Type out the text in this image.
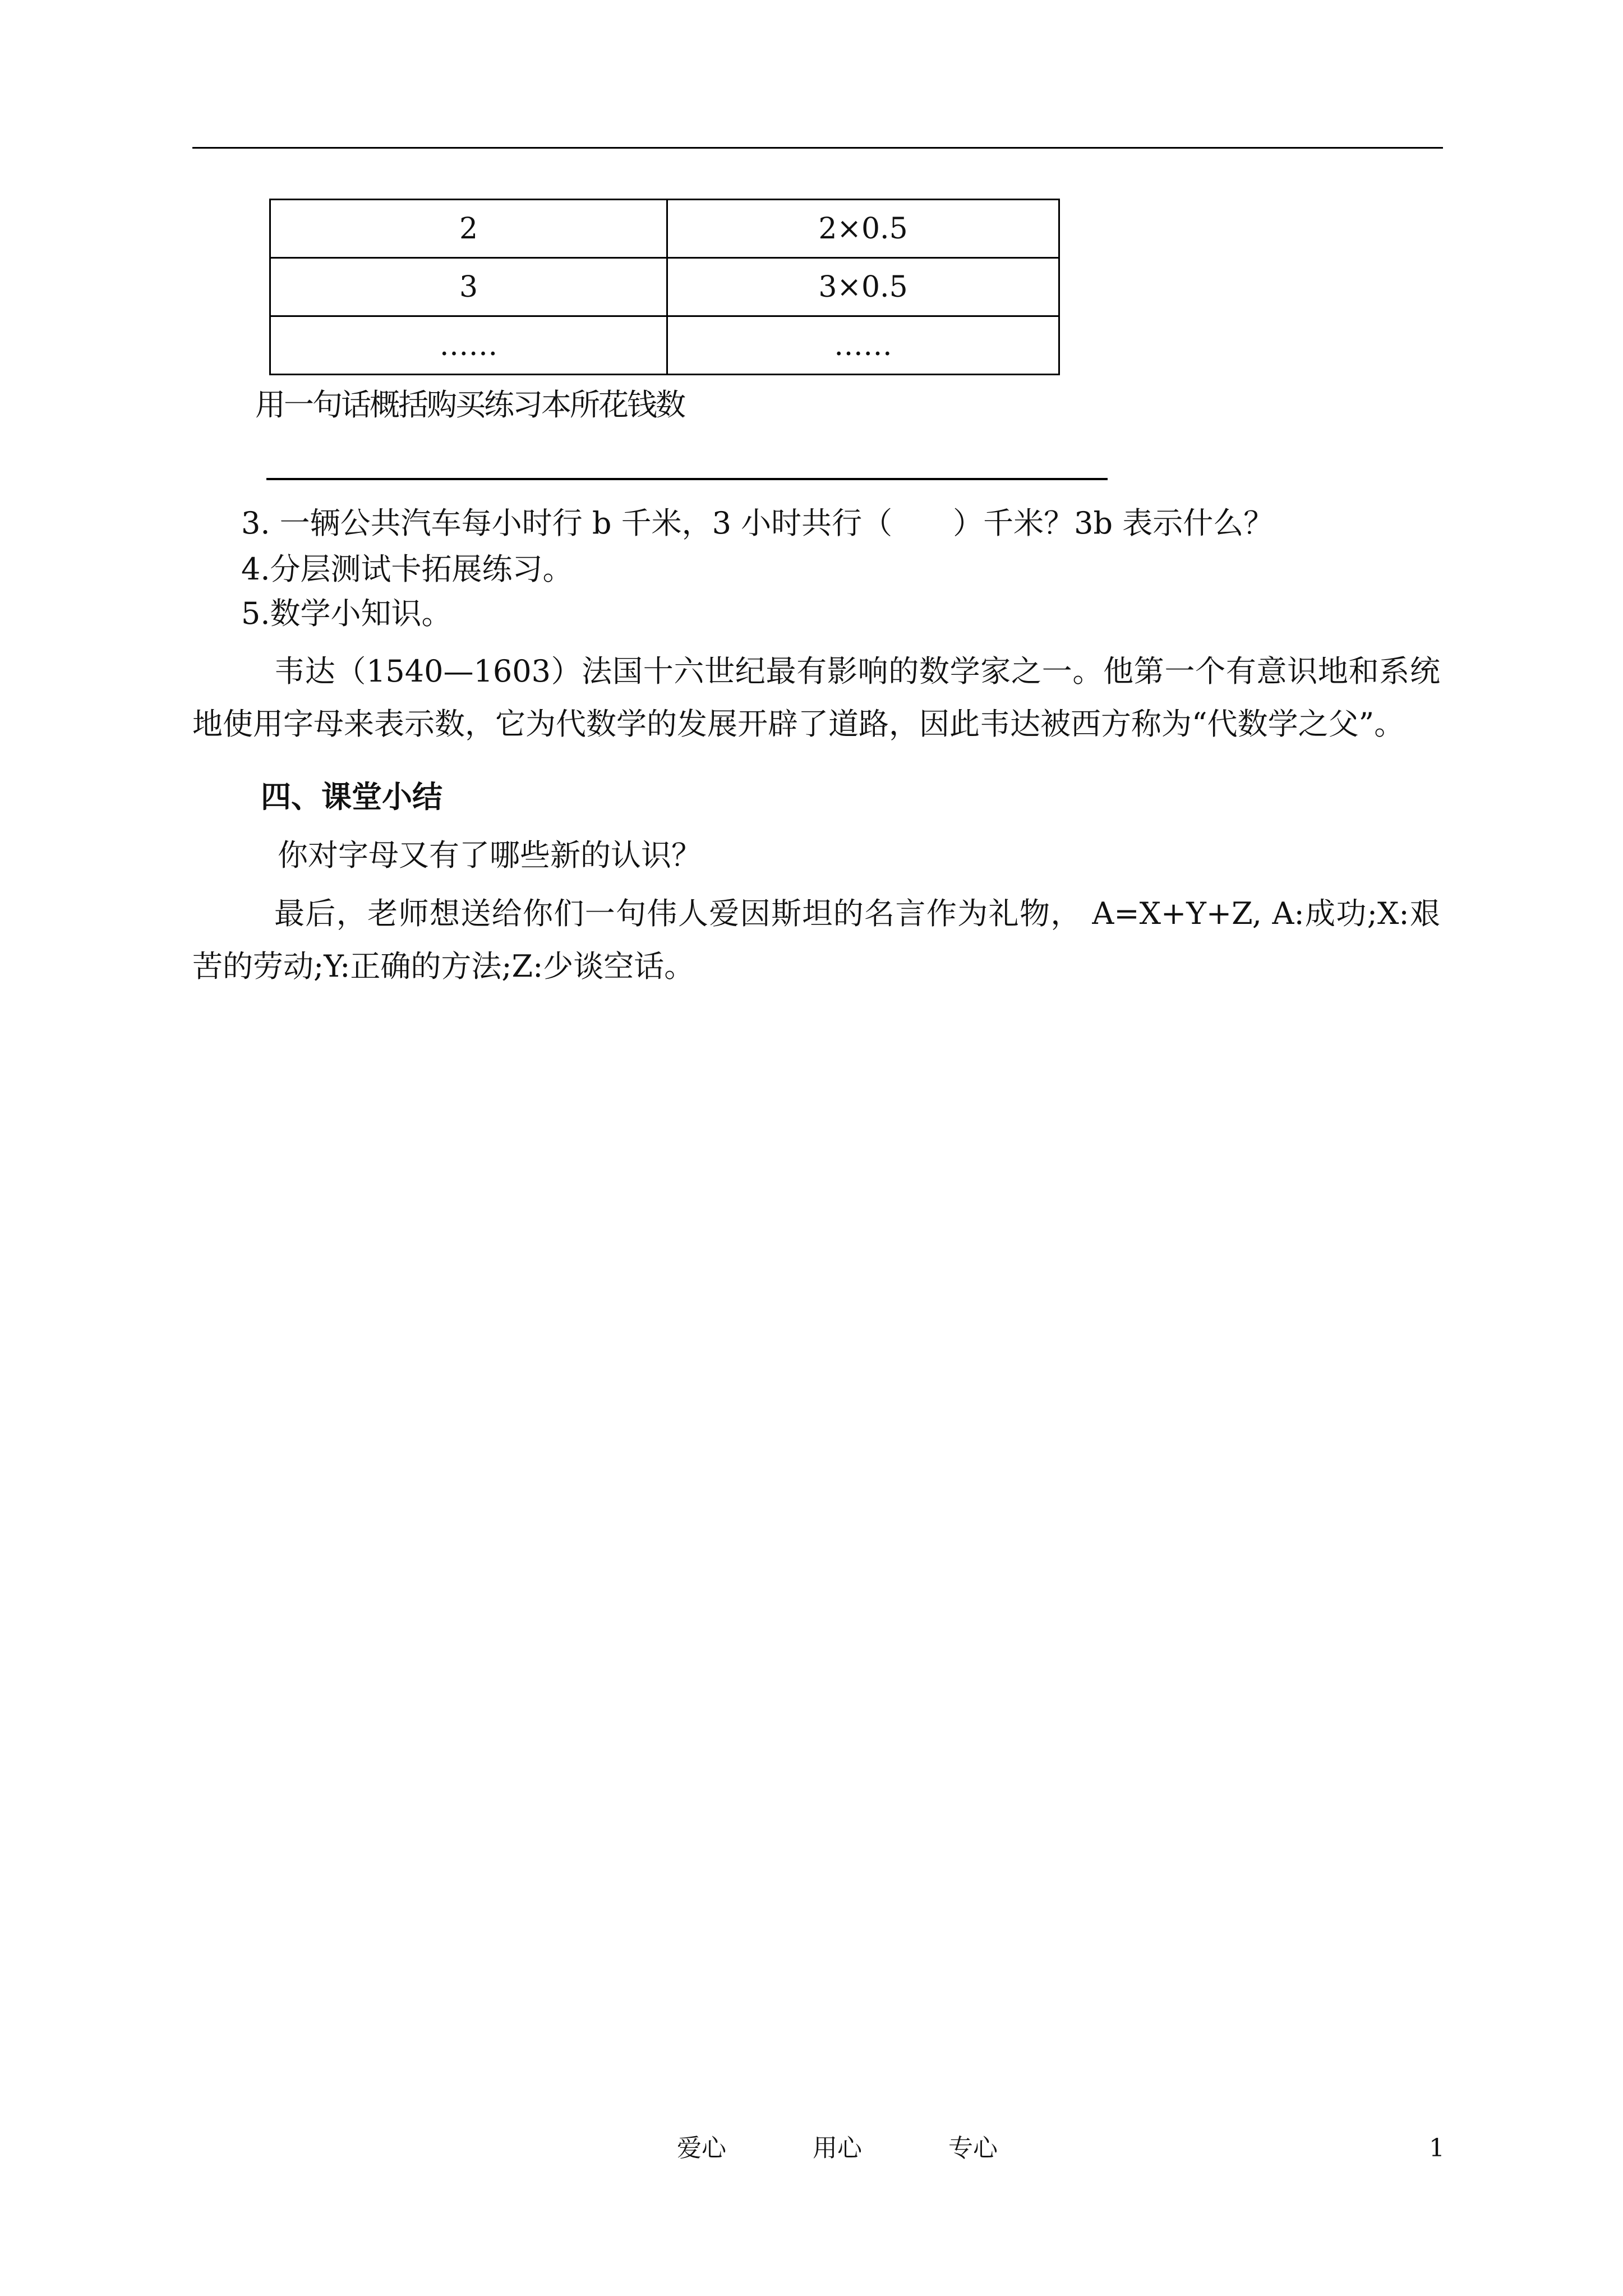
2	2×0.5
3	3×0.5
……	……
用一句话概括购买练习本所花钱数
3. 一辆公共汽车每小时行 b 千米，3 小时共行（　　）千米？3b 表示什么？
4.分层测试卡拓展练习。
5.数学小知识。
韦达（1540—1603）法国十六世纪最有影响的数学家之一。他第一个有意识地和系统地使用字母来表示数，它为代数学的发展开辟了道路，因此韦达被西方称为“代数学之父”。
四、课堂小结
你对字母又有了哪些新的认识？
最后，老师想送给你们一句伟人爱因斯坦的名言作为礼物， A=X+Y+Z, A:成功;X:艰苦的劳动;Y:正确的方法;Z:少谈空话。
爱心	用心	专心	1
